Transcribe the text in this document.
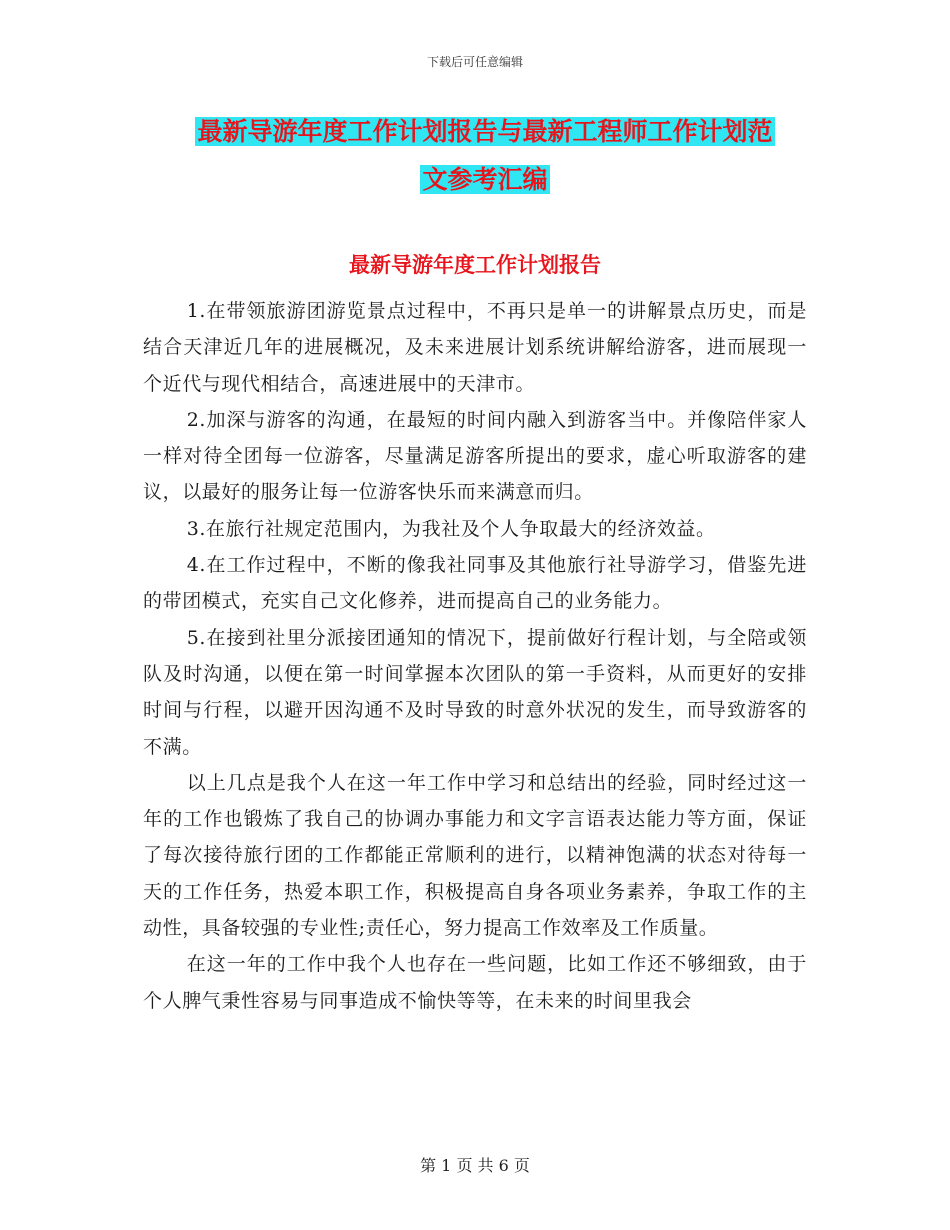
下载后可任意编辑
最新导游年度工作计划报告与最新工程师工作计划范
文参考汇编
最新导游年度工作计划报告

1.在带领旅游团游览景点过程中，不再只是单一的讲解景点历史，而是结合天津近几年的进展概况，及未来进展计划系统讲解给游客，进而展现一个近代与现代相结合，高速进展中的天津市。

2.加深与游客的沟通，在最短的时间内融入到游客当中。并像陪伴家人一样对待全团每一位游客，尽量满足游客所提出的要求，虚心听取游客的建议，以最好的服务让每一位游客快乐而来满意而归。

3.在旅行社规定范围内，为我社及个人争取最大的经济效益。

4.在工作过程中，不断的像我社同事及其他旅行社导游学习，借鉴先进的带团模式，充实自己文化修养，进而提高自己的业务能力。

5.在接到社里分派接团通知的情况下，提前做好行程计划，与全陪或领队及时沟通，以便在第一时间掌握本次团队的第一手资料，从而更好的安排时间与行程，以避开因沟通不及时导致的时意外状况的发生，而导致游客的不满。

以上几点是我个人在这一年工作中学习和总结出的经验，同时经过这一年的工作也锻炼了我自己的协调办事能力和文字言语表达能力等方面，保证了每次接待旅行团的工作都能正常顺利的进行，以精神饱满的状态对待每一天的工作任务，热爱本职工作，积极提高自身各项业务素养，争取工作的主动性，具备较强的专业性;责任心，努力提高工作效率及工作质量。

在这一年的工作中我个人也存在一些问题，比如工作还不够细致，由于个人脾气秉性容易与同事造成不愉快等等，在未来的时间里我会

第 1 页 共 6 页
